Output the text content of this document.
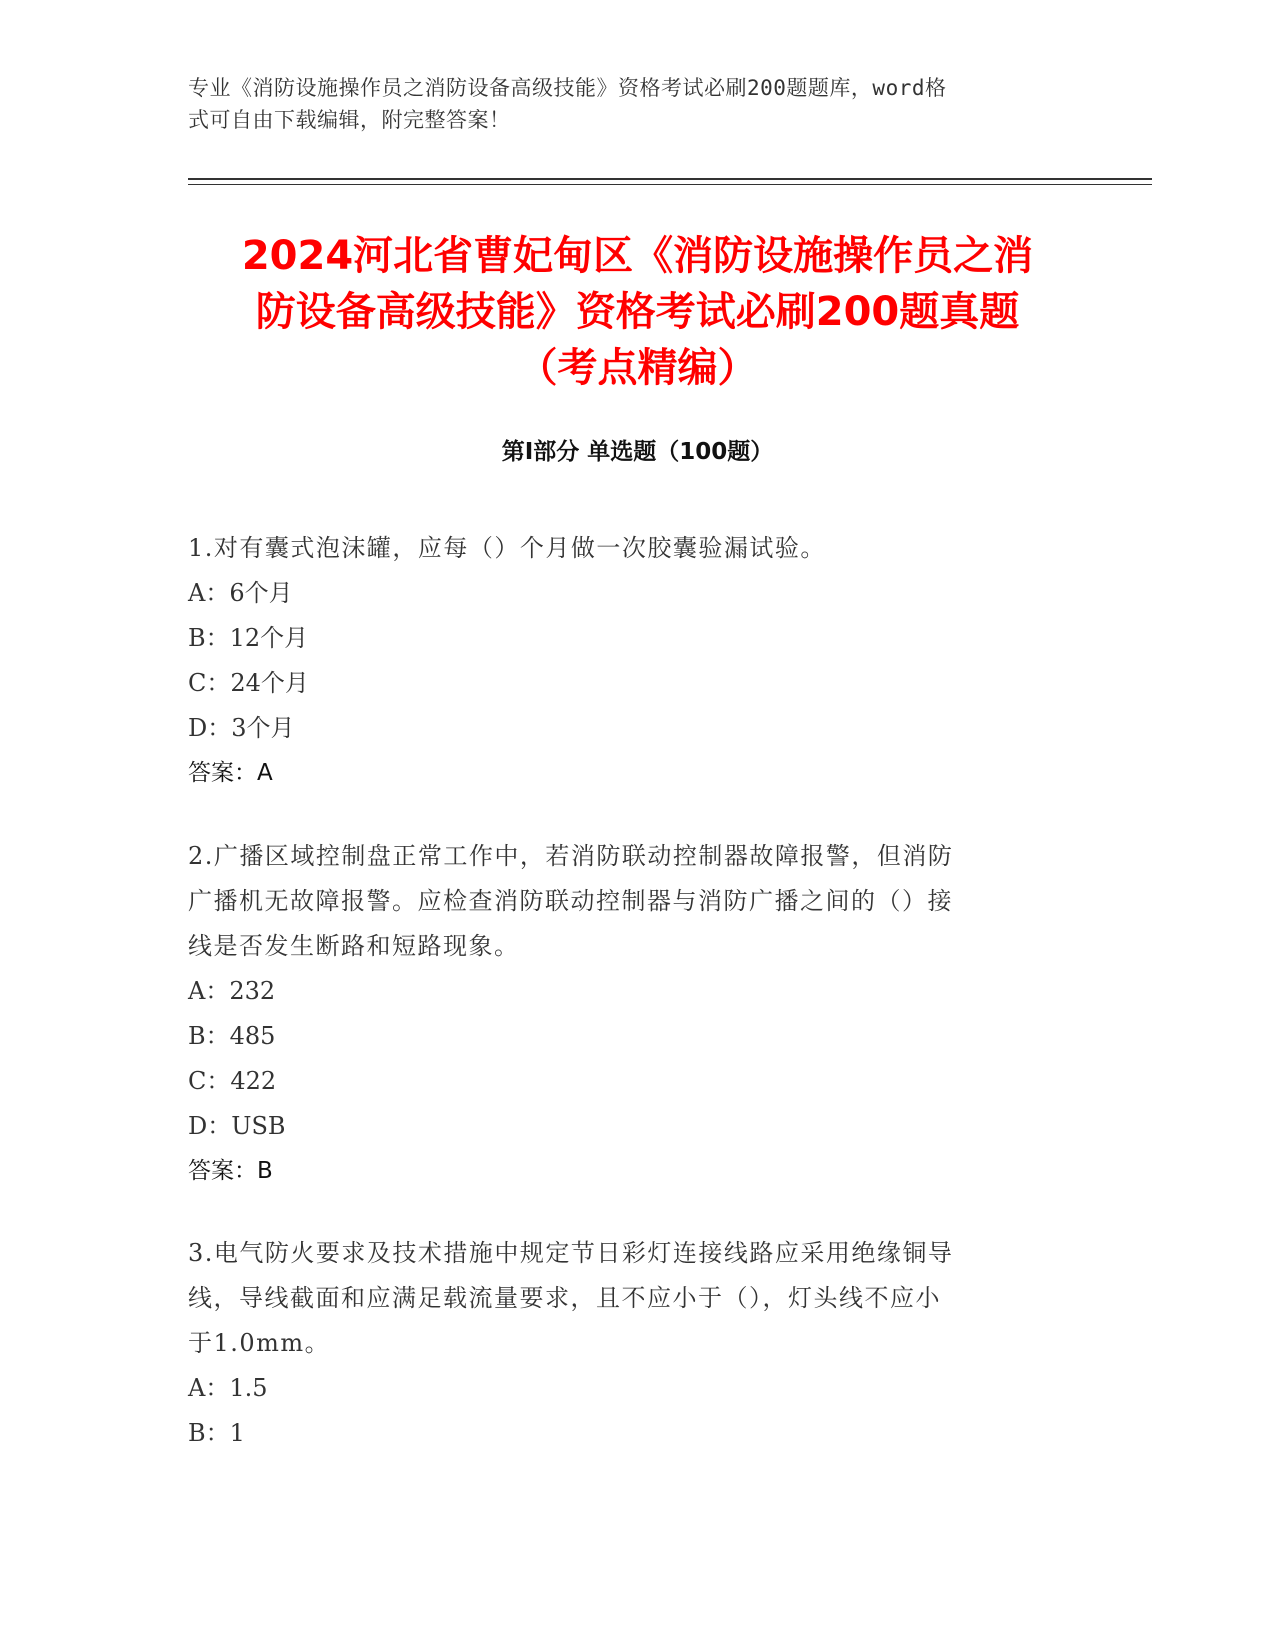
专业《消防设施操作员之消防设备高级技能》资格考试必刷200题题库，word格
式可自由下载编辑，附完整答案！
2024河北省曹妃甸区《消防设施操作员之消
防设备高级技能》资格考试必刷200题真题
（考点精编）
第Ⅰ部分 单选题（100题）
1.对有囊式泡沫罐，应每（）个月做一次胶囊验漏试验。
A：6个月
B：12个月
C：24个月
D：3个月
答案：A
2.广播区域控制盘正常工作中，若消防联动控制器故障报警，但消防
广播机无故障报警。应检查消防联动控制器与消防广播之间的（）接
线是否发生断路和短路现象。
A：232
B：485
C：422
D：USB
答案：B
3.电气防火要求及技术措施中规定节日彩灯连接线路应采用绝缘铜导
线，导线截面和应满足载流量要求，且不应小于（），灯头线不应小
于1.0mm。
A：1.5
B：1
